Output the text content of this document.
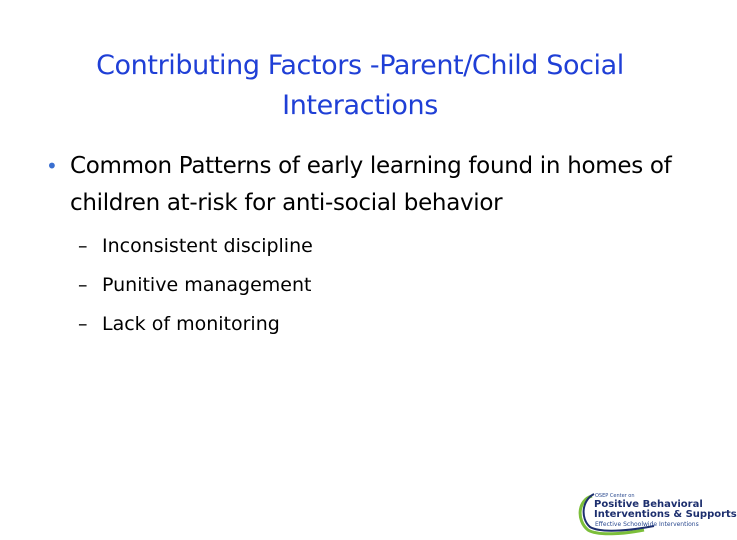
Contributing Factors -Parent/Child Social Interactions
• Common Patterns of early learning found in homes of children at-risk for anti-social behavior
– Inconsistent discipline
– Punitive management
– Lack of monitoring
OSEP Center on
Positive Behavioral
Interventions & Supports
Effective Schoolwide Interventions
